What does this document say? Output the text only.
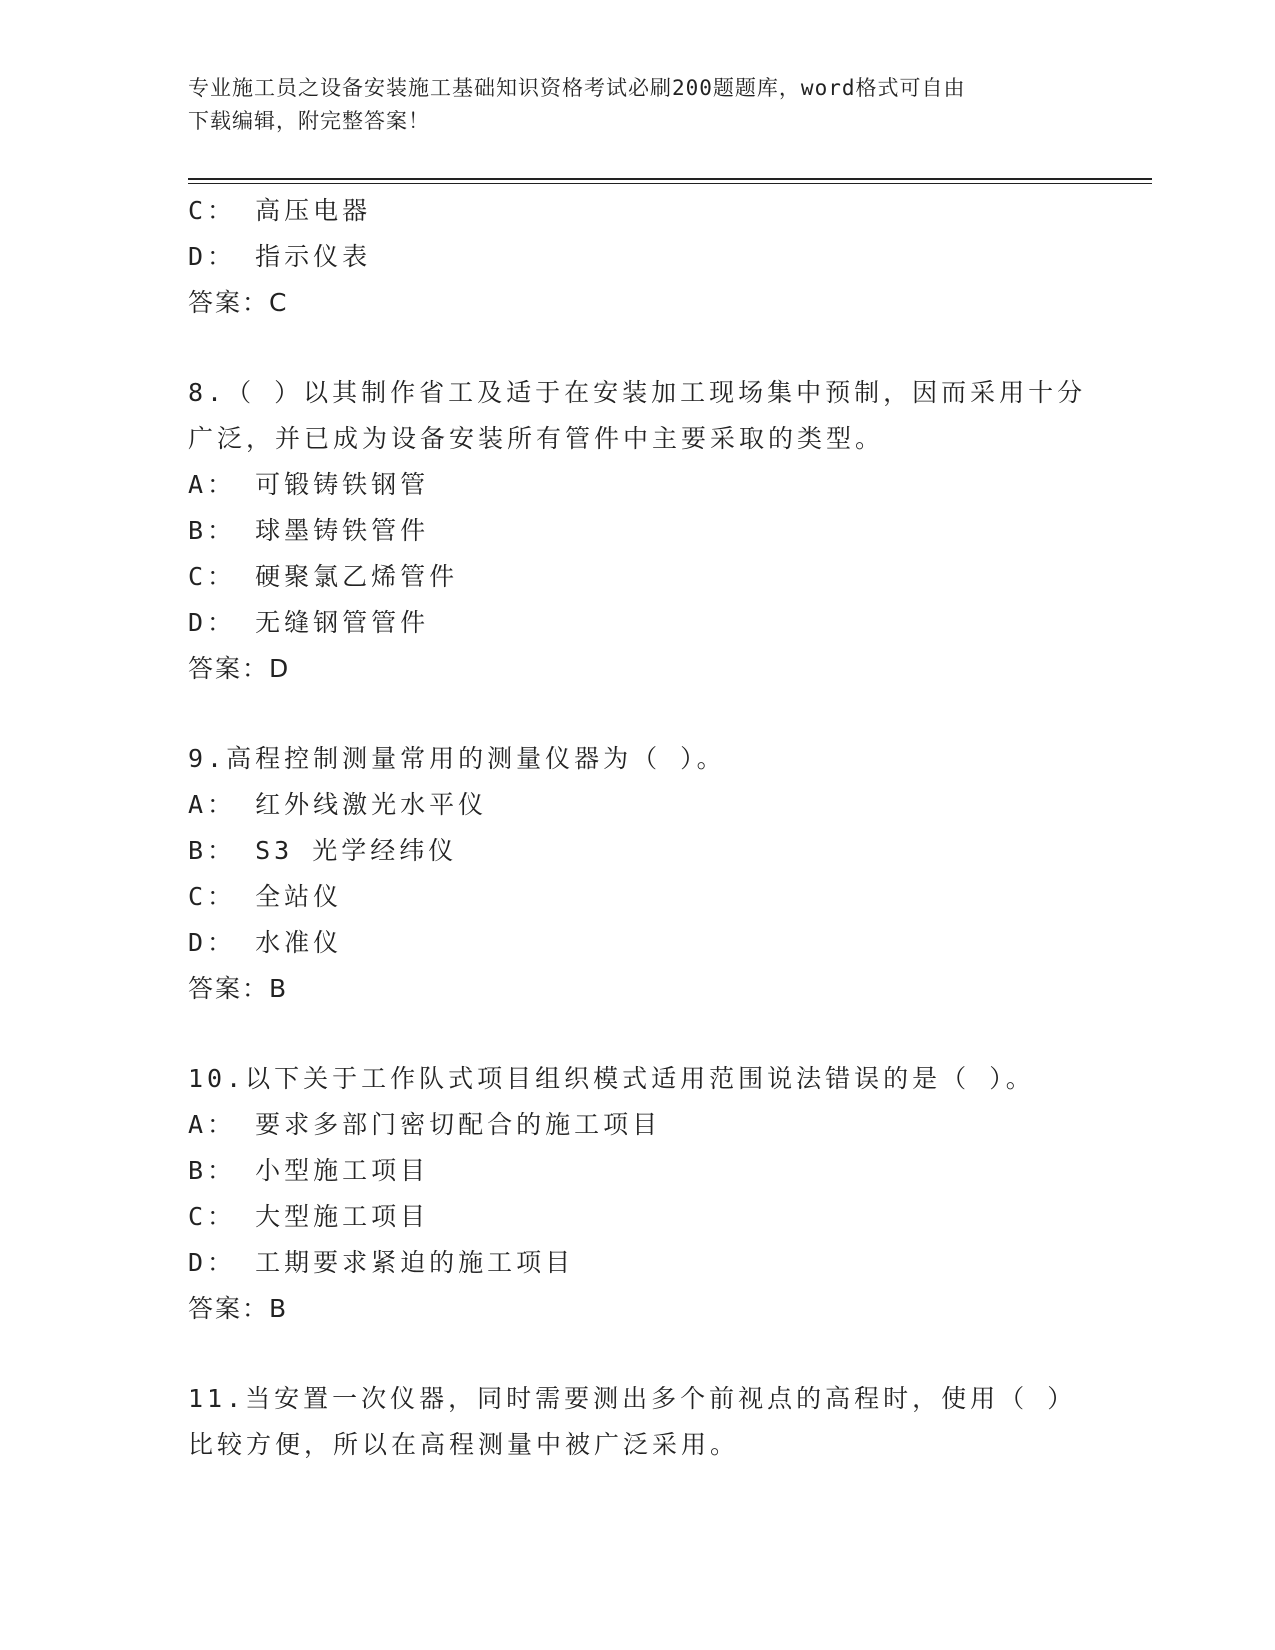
专业施工员之设备安装施工基础知识资格考试必刷200题题库，word格式可自由
下载编辑，附完整答案！
C： 高压电器
D： 指示仪表
答案：C
8.（ ）以其制作省工及适于在安装加工现场集中预制，因而采用十分
广泛，并已成为设备安装所有管件中主要采取的类型。
A： 可锻铸铁钢管
B： 球墨铸铁管件
C： 硬聚氯乙烯管件
D： 无缝钢管管件
答案：D
9.高程控制测量常用的测量仪器为（ ）。
A： 红外线激光水平仪
B： S3 光学经纬仪
C： 全站仪
D： 水准仪
答案：B
10.以下关于工作队式项目组织模式适用范围说法错误的是（ ）。
A： 要求多部门密切配合的施工项目
B： 小型施工项目
C： 大型施工项目
D： 工期要求紧迫的施工项目
答案：B
11.当安置一次仪器，同时需要测出多个前视点的高程时，使用（ ）
比较方便，所以在高程测量中被广泛采用。
